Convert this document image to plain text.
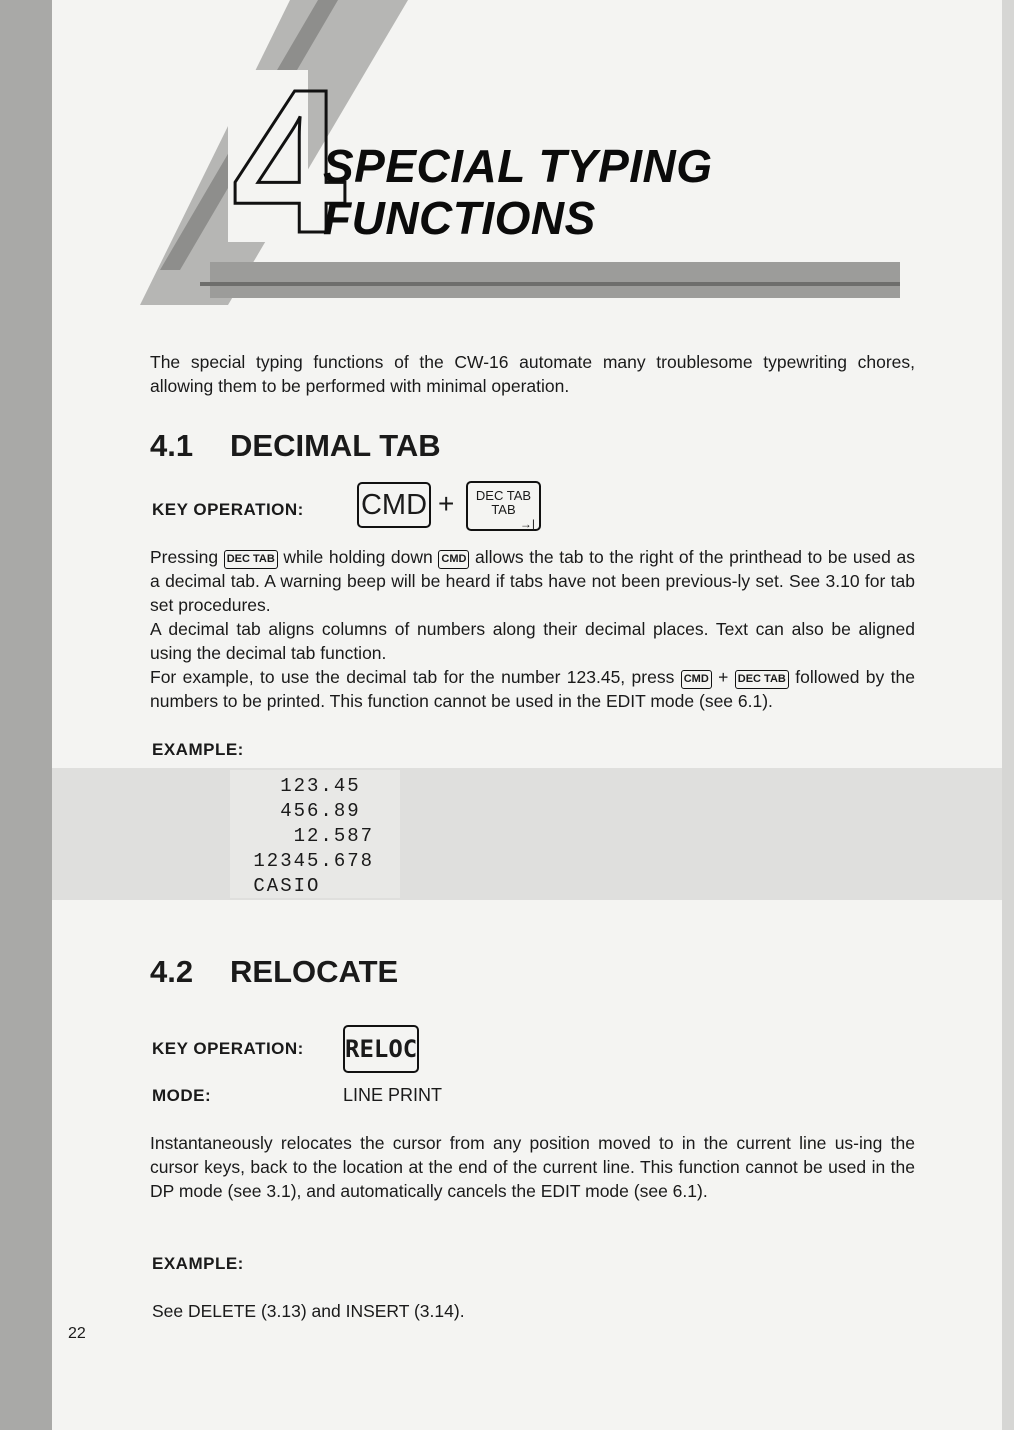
4
SPECIAL TYPING
FUNCTIONS
The special typing functions of the CW-16 automate many troublesome typewriting chores, allowing them to be performed with minimal operation.
4.1 DECIMAL TAB
KEY OPERATION: CMD +	DEC TAB
TAB
→|
Pressing DEC TAB while holding down CMD allows the tab to the right of the printhead to be used as a decimal tab. A warning beep will be heard if tabs have not been previous-ly set. See 3.10 for tab set procedures.
A decimal tab aligns columns of numbers along their decimal places. Text can also be aligned using the decimal tab function.
For example, to use the decimal tab for the number 123.45, press CMD + DEC TAB followed by the numbers to be printed. This function cannot be used in the EDIT mode (see 6.1).
EXAMPLE:
123.45
456.89
12.587
12345.678
CASIO
4.2 RELOCATE
KEY OPERATION: RELOC
MODE:	LINE PRINT
Instantaneously relocates the cursor from any position moved to in the current line us-ing the cursor keys, back to the location at the end of the current line. This function cannot be used in the DP mode (see 3.1), and automatically cancels the EDIT mode (see 6.1).
EXAMPLE:
See DELETE (3.13) and INSERT (3.14).
22
